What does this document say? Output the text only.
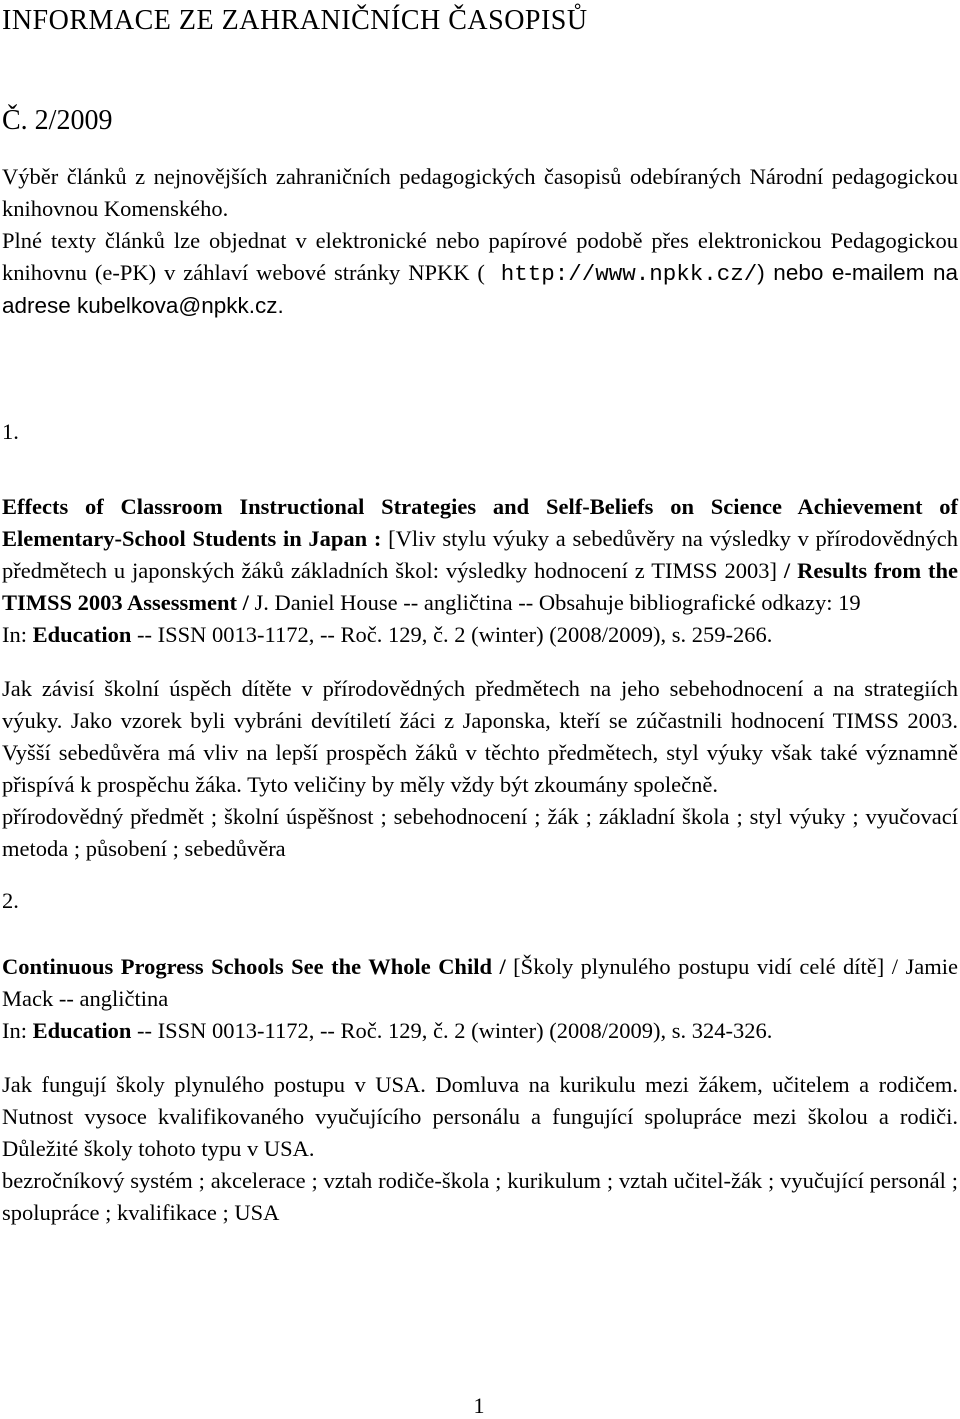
INFORMACE ZE ZAHRANIČNÍCH ČASOPISŮ
Č. 2/2009

Výběr článků z nejnovějších zahraničních pedagogických časopisů odebíraných Národní pedagogickou knihovnou Komenského.

Plné texty článků lze objednat v elektronické nebo papírové podobě přes elektronickou Pedagogickou knihovnu (e-PK) v záhlaví webové stránky NPKK ( http://www.npkk.cz/) nebo e-mailem na adrese kubelkova@npkk.cz.

1.

Effects of Classroom Instructional Strategies and Self-Beliefs on Science Achievement of Elementary-School Students in Japan : [Vliv stylu výuky a sebedůvěry na výsledky v přírodovědných předmětech u japonských žáků základních škol: výsledky hodnocení z TIMSS 2003] / Results from the TIMSS 2003 Assessment / J. Daniel House -- angličtina -- Obsahuje bibliografické odkazy: 19
In: Education -- ISSN 0013-1172, -- Roč. 129, č. 2 (winter) (2008/2009), s. 259-266.

Jak závisí školní úspěch dítěte v přírodovědných předmětech na jeho sebehodnocení a na strategiích výuky. Jako vzorek byli vybráni devítiletí žáci z Japonska, kteří se zúčastnili hodnocení TIMSS 2003. Vyšší sebedůvěra má vliv na lepší prospěch žáků v těchto předmětech, styl výuky však také významně přispívá k prospěchu žáka. Tyto veličiny by měly vždy být zkoumány společně.

přírodovědný předmět ; školní úspěšnost ; sebehodnocení ; žák ; základní škola ; styl výuky ; vyučovací metoda ; působení ; sebedůvěra

2.

Continuous Progress Schools See the Whole Child / [Školy plynulého postupu vidí celé dítě] / Jamie Mack -- angličtina
In: Education -- ISSN 0013-1172, -- Roč. 129, č. 2 (winter) (2008/2009), s. 324-326.

Jak fungují školy plynulého postupu v USA. Domluva na kurikulu mezi žákem, učitelem a rodičem. Nutnost vysoce kvalifikovaného vyučujícího personálu a fungující spolupráce mezi školou a rodiči. Důležité školy tohoto typu v USA.

bezročníkový systém ; akcelerace ; vztah rodiče-škola ; kurikulum ; vztah učitel-žák ; vyučující personál ; spolupráce ; kvalifikace ; USA

1
